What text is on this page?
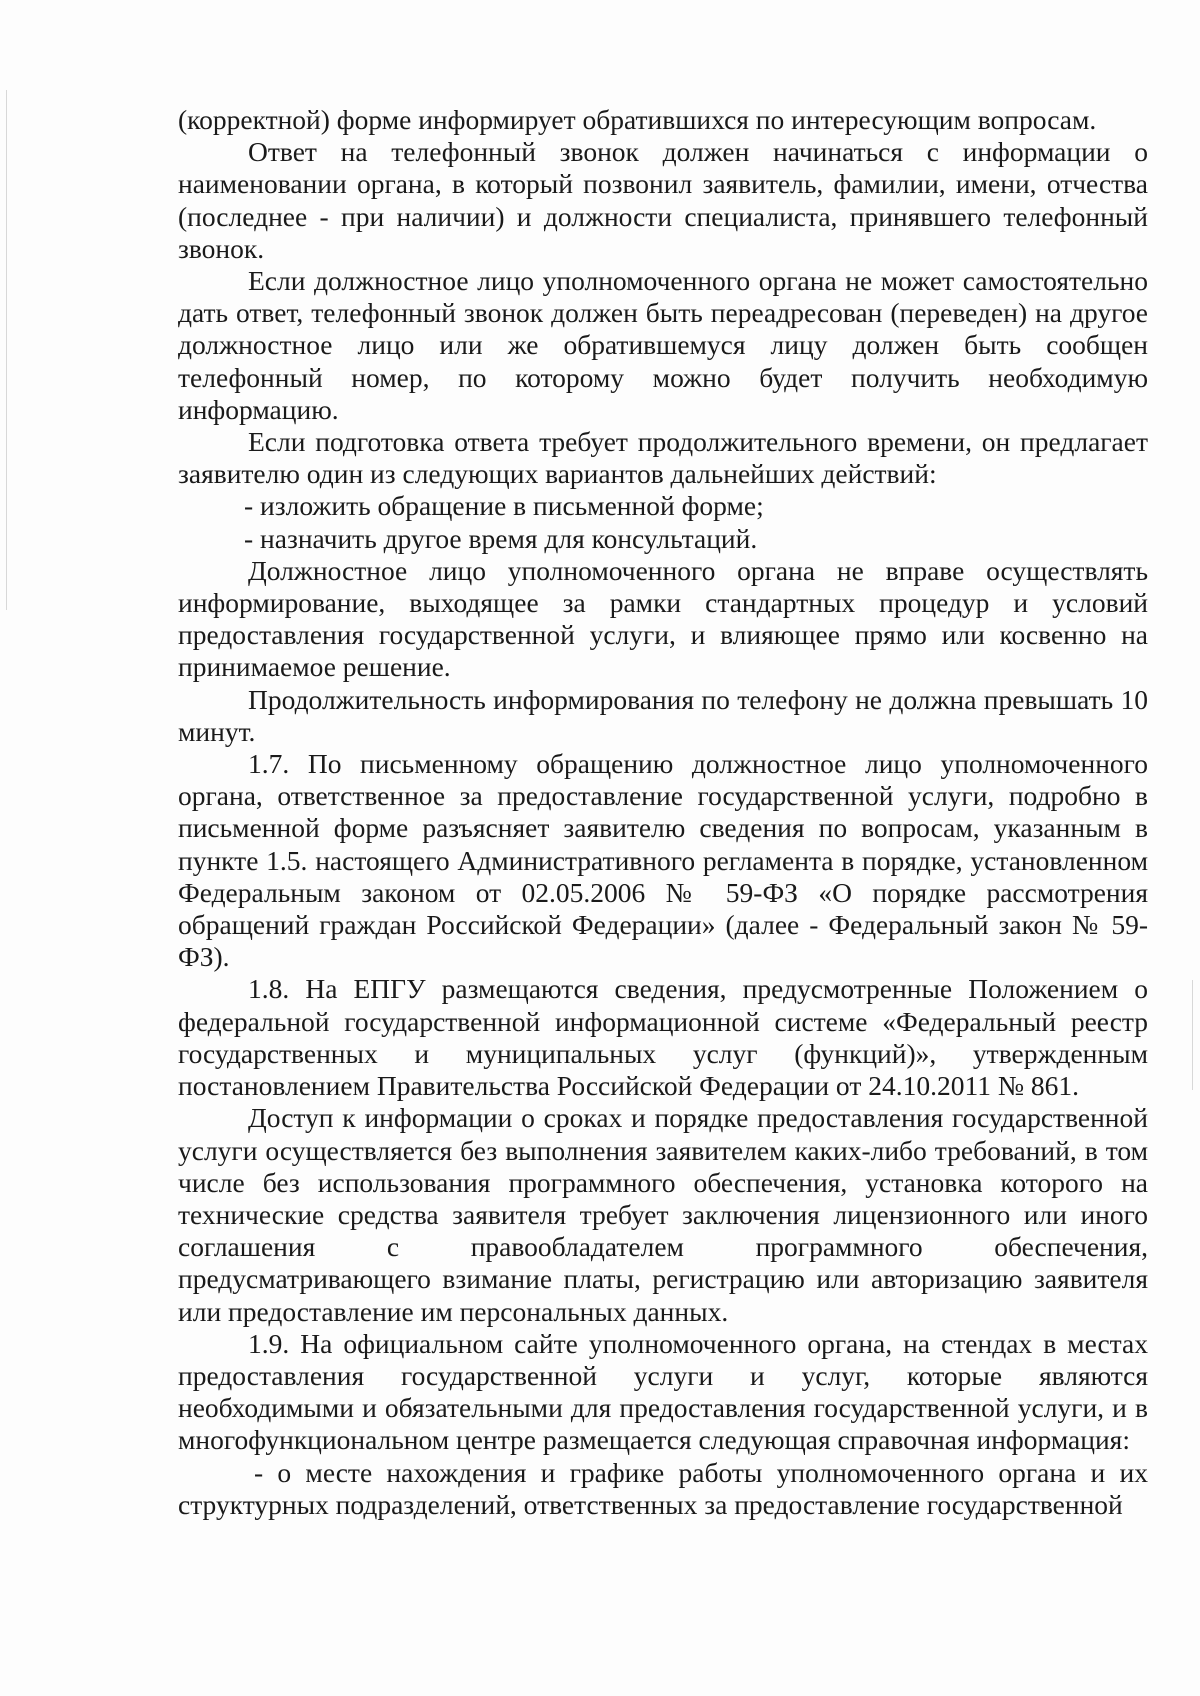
(корректной) форме информирует обратившихся по интересующим вопросам.

Ответ на телефонный звонок должен начинаться с информации о наименовании органа, в который позвонил заявитель, фамилии, имени, отчества (последнее - при наличии) и должности специалиста, принявшего телефонный звонок.

Если должностное лицо уполномоченного органа не может самостоятельно дать ответ, телефонный звонок должен быть переадресован (переведен) на другое должностное лицо или же обратившемуся лицу должен быть сообщен телефонный номер, по которому можно будет получить необходимую информацию.

Если подготовка ответа требует продолжительного времени, он предлагает заявителю один из следующих вариантов дальнейших действий:

- изложить обращение в письменной форме;

- назначить другое время для консультаций.

Должностное лицо уполномоченного органа не вправе осуществлять информирование, выходящее за рамки стандартных процедур и условий предоставления государственной услуги, и влияющее прямо или косвенно на принимаемое решение.

Продолжительность информирования по телефону не должна превышать 10 минут.

1.7. По письменному обращению должностное лицо уполномоченного органа, ответственное за предоставление государственной услуги, подробно в письменной форме разъясняет заявителю сведения по вопросам, указанным в пункте 1.5. настоящего Административного регламента в порядке, установленном Федеральным законом от 02.05.2006 № 59-ФЗ «О порядке рассмотрения обращений граждан Российской Федерации» (далее - Федеральный закон № 59-ФЗ).

1.8. На ЕПГУ размещаются сведения, предусмотренные Положением о федеральной государственной информационной системе «Федеральный реестр государственных и муниципальных услуг (функций)», утвержденным постановлением Правительства Российской Федерации от 24.10.2011 № 861.

Доступ к информации о сроках и порядке предоставления государственной услуги осуществляется без выполнения заявителем каких-либо требований, в том числе без использования программного обеспечения, установка которого на технические средства заявителя требует заключения лицензионного или иного соглашения с правообладателем программного обеспечения, предусматривающего взимание платы, регистрацию или авторизацию заявителя или предоставление им персональных данных.

1.9. На официальном сайте уполномоченного органа, на стендах в местах предоставления государственной услуги и услуг, которые являются необходимыми и обязательными для предоставления государственной услуги, и в многофункциональном центре размещается следующая справочная информация:

- о месте нахождения и графике работы уполномоченного органа и их структурных подразделений, ответственных за предоставление государственной
